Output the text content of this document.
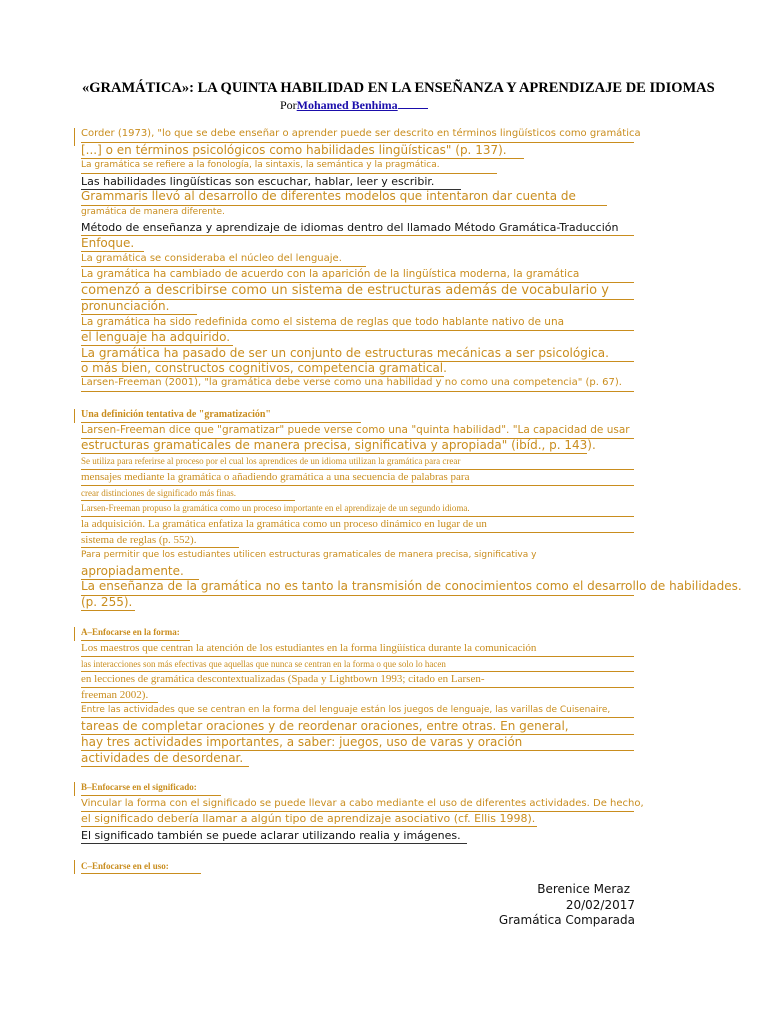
«GRAMÁTICA»: LA QUINTA HABILIDAD EN LA ENSEÑANZA Y APRENDIZAJE DE IDIOMAS
PorMohamed Benhima
Corder (1973), "lo que se debe enseñar o aprender puede ser descrito en términos lingüísticos como gramática
[...] o en términos psicológicos como habilidades lingüísticas" (p. 137).
La gramática se refiere a la fonología, la sintaxis, la semántica y la pragmática.
Las habilidades lingüísticas son escuchar, hablar, leer y escribir.
Grammaris llevó al desarrollo de diferentes modelos que intentaron dar cuenta de
gramática de manera diferente.
Método de enseñanza y aprendizaje de idiomas dentro del llamado Método Gramática-Traducción
Enfoque.
La gramática se consideraba el núcleo del lenguaje.
La gramática ha cambiado de acuerdo con la aparición de la lingüística moderna, la gramática
comenzó a describirse como un sistema de estructuras además de vocabulario y
pronunciación.
La gramática ha sido redefinida como el sistema de reglas que todo hablante nativo de una
el lenguaje ha adquirido.
La gramática ha pasado de ser un conjunto de estructuras mecánicas a ser psicológica.
o más bien, constructos cognitivos, competencia gramatical.
Larsen-Freeman (2001), "la gramática debe verse como una habilidad y no como una competencia" (p. 67).
Una definición tentativa de "gramatización"
Larsen-Freeman dice que "gramatizar" puede verse como una "quinta habilidad". "La capacidad de usar
estructuras gramaticales de manera precisa, significativa y apropiada" (ibíd., p. 143).
Se utiliza para referirse al proceso por el cual los aprendices de un idioma utilizan la gramática para crear
mensajes mediante la gramática o añadiendo gramática a una secuencia de palabras para
crear distinciones de significado más finas.
Larsen-Freeman propuso la gramática como un proceso importante en el aprendizaje de un segundo idioma.
la adquisición. La gramática enfatiza la gramática como un proceso dinámico en lugar de un
sistema de reglas (p. 552).
Para permitir que los estudiantes utilicen estructuras gramaticales de manera precisa, significativa y
apropiadamente.
La enseñanza de la gramática no es tanto la transmisión de conocimientos como el desarrollo de habilidades.
(p. 255).
A–Enfocarse en la forma:
Los maestros que centran la atención de los estudiantes en la forma lingüística durante la comunicación
las interacciones son más efectivas que aquellas que nunca se centran en la forma o que solo lo hacen
en lecciones de gramática descontextualizadas (Spada y Lightbown 1993; citado en Larsen-
freeman 2002).
Entre las actividades que se centran en la forma del lenguaje están los juegos de lenguaje, las varillas de Cuisenaire,
tareas de completar oraciones y de reordenar oraciones, entre otras. En general,
hay tres actividades importantes, a saber: juegos, uso de varas y oración
actividades de desordenar.
B–Enfocarse en el significado:
Vincular la forma con el significado se puede llevar a cabo mediante el uso de diferentes actividades. De hecho,
el significado debería llamar a algún tipo de aprendizaje asociativo (cf. Ellis 1998).
El significado también se puede aclarar utilizando realia y imágenes.
C–Enfocarse en el uso:
Berenice Meraz
20/02/2017
Gramática Comparada
